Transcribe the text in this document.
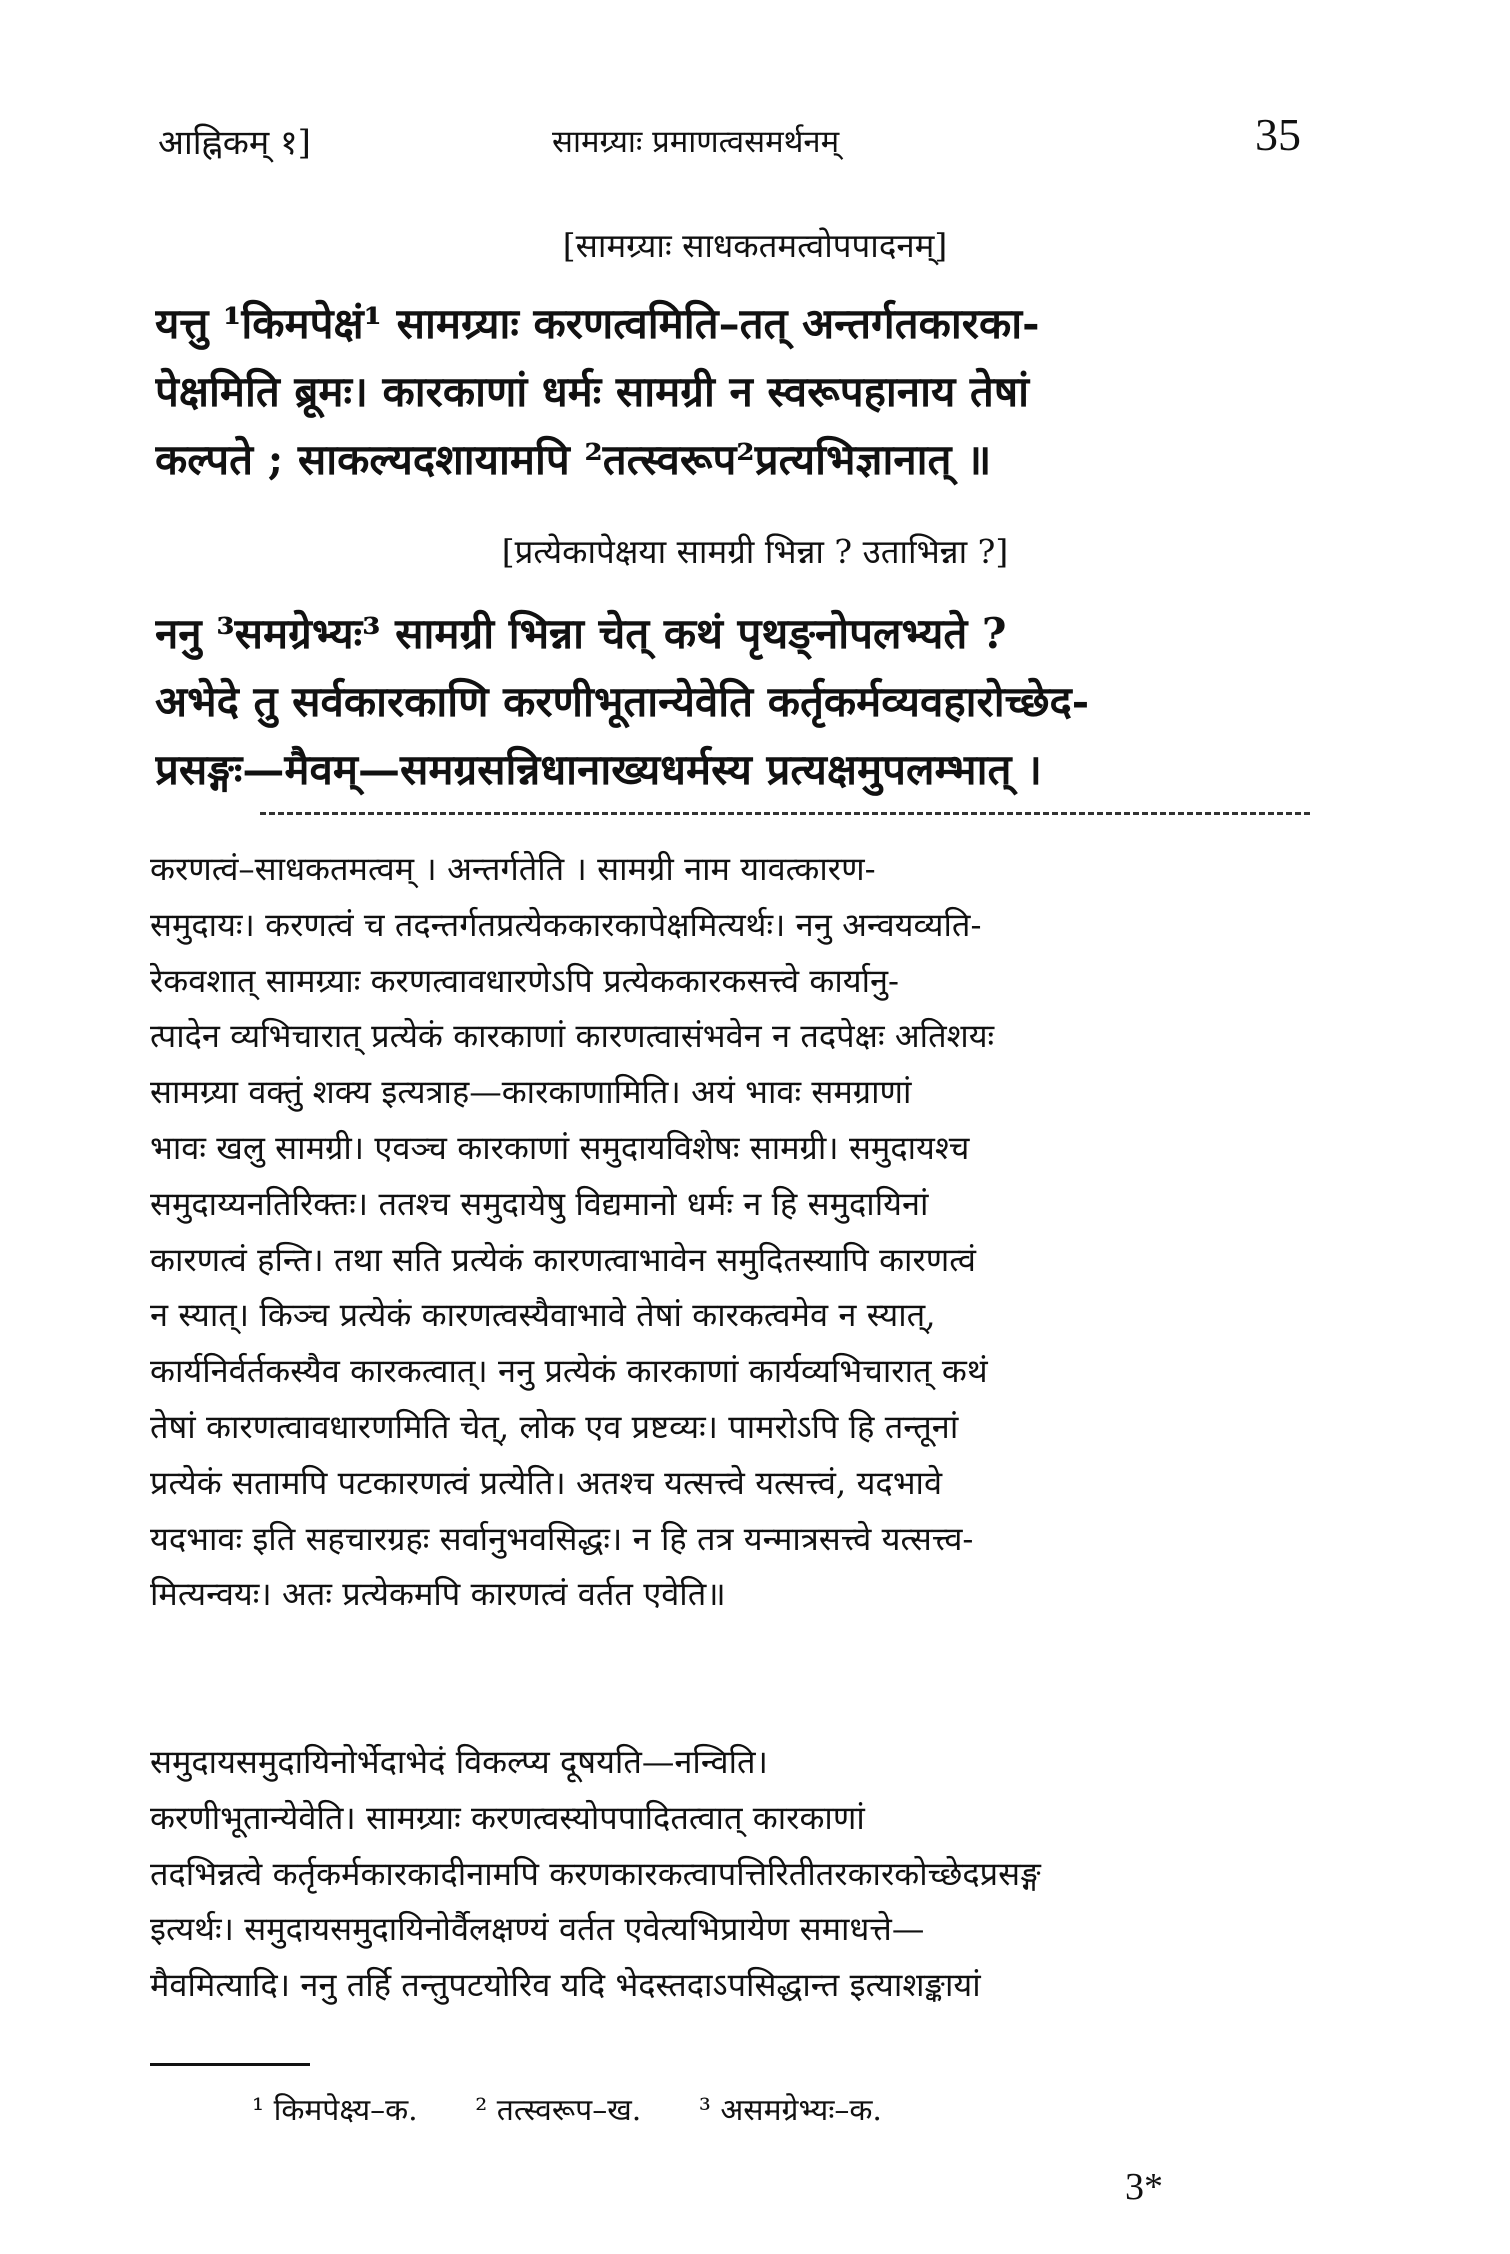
आह्निकम् १]	सामग्र्याः प्रमाणत्वसमर्थनम्	35
[सामग्र्याः साधकतमत्वोपपादनम्]

यत्तु ¹किमपेक्षं¹ सामग्र्याः करणत्वमिति–तत् अन्तर्गतकारका-
पेक्षमिति ब्रूमः। कारकाणां धर्मः सामग्री न स्वरूपहानाय तेषां
कल्पते ; साकल्यदशायामपि ²तत्स्वरूप²प्रत्यभिज्ञानात् ॥

[प्रत्येकापेक्षया सामग्री भिन्ना ? उताभिन्ना ?]

ननु ³समग्रेभ्यः³ सामग्री भिन्ना चेत् कथं पृथङ्नोपलभ्यते ?
अभेदे तु सर्वकारकाणि करणीभूतान्येवेति कर्तृकर्मव्यवहारोच्छेद-
प्रसङ्गः—मैवम्—समग्रसन्निधानाख्यधर्मस्य प्रत्यक्षमुपलम्भात् ।

करणत्वं–साधकतमत्वम् । अन्तर्गतेति । सामग्री नाम यावत्कारण-
समुदायः। करणत्वं च तदन्तर्गतप्रत्येककारकापेक्षमित्यर्थः। ननु अन्वयव्यति-
रेकवशात् सामग्र्याः करणत्वावधारणेऽपि प्रत्येककारकसत्त्वे कार्यानु-
त्पादेन व्यभिचारात् प्रत्येकं कारकाणां कारणत्वासंभवेन न तदपेक्षः अतिशयः
सामग्र्या वक्तुं शक्य इत्यत्राह—कारकाणामिति। अयं भावः समग्राणां
भावः खलु सामग्री। एवञ्च कारकाणां समुदायविशेषः सामग्री। समुदायश्च
समुदाय्यनतिरिक्तः। ततश्च समुदायेषु विद्यमानो धर्मः न हि समुदायिनां
कारणत्वं हन्ति। तथा सति प्रत्येकं कारणत्वाभावेन समुदितस्यापि कारणत्वं
न स्यात्। किञ्च प्रत्येकं कारणत्वस्यैवाभावे तेषां कारकत्वमेव न स्यात्,
कार्यनिर्वर्तकस्यैव कारकत्वात्। ननु प्रत्येकं कारकाणां कार्यव्यभिचारात् कथं
तेषां कारणत्वावधारणमिति चेत्, लोक एव प्रष्टव्यः। पामरोऽपि हि तन्तूनां
प्रत्येकं सतामपि पटकारणत्वं प्रत्येति। अतश्च यत्सत्त्वे यत्सत्त्वं, यदभावे
यदभावः इति सहचारग्रहः सर्वानुभवसिद्धः। न हि तत्र यन्मात्रसत्त्वे यत्सत्त्व-
मित्यन्वयः। अतः प्रत्येकमपि कारणत्वं वर्तत एवेति॥

समुदायसमुदायिनोर्भेदाभेदं विकल्प्य दूषयति—नन्विति।
करणीभूतान्येवेति। सामग्र्याः करणत्वस्योपपादितत्वात् कारकाणां
तदभिन्नत्वे कर्तृकर्मकारकादीनामपि करणकारकत्वापत्तिरितीतरकारकोच्छेदप्रसङ्ग
इत्यर्थः। समुदायसमुदायिनोर्वैलक्षण्यं वर्तत एवेत्यभिप्रायेण समाधत्ते—
मैवमित्यादि। ननु तर्हि तन्तुपटयोरिव यदि भेदस्तदाऽपसिद्धान्त इत्याशङ्कायां

¹ किमपेक्ष्य–क. ² तत्स्वरूप–ख. ³ असमग्रेभ्यः–क.
3*
